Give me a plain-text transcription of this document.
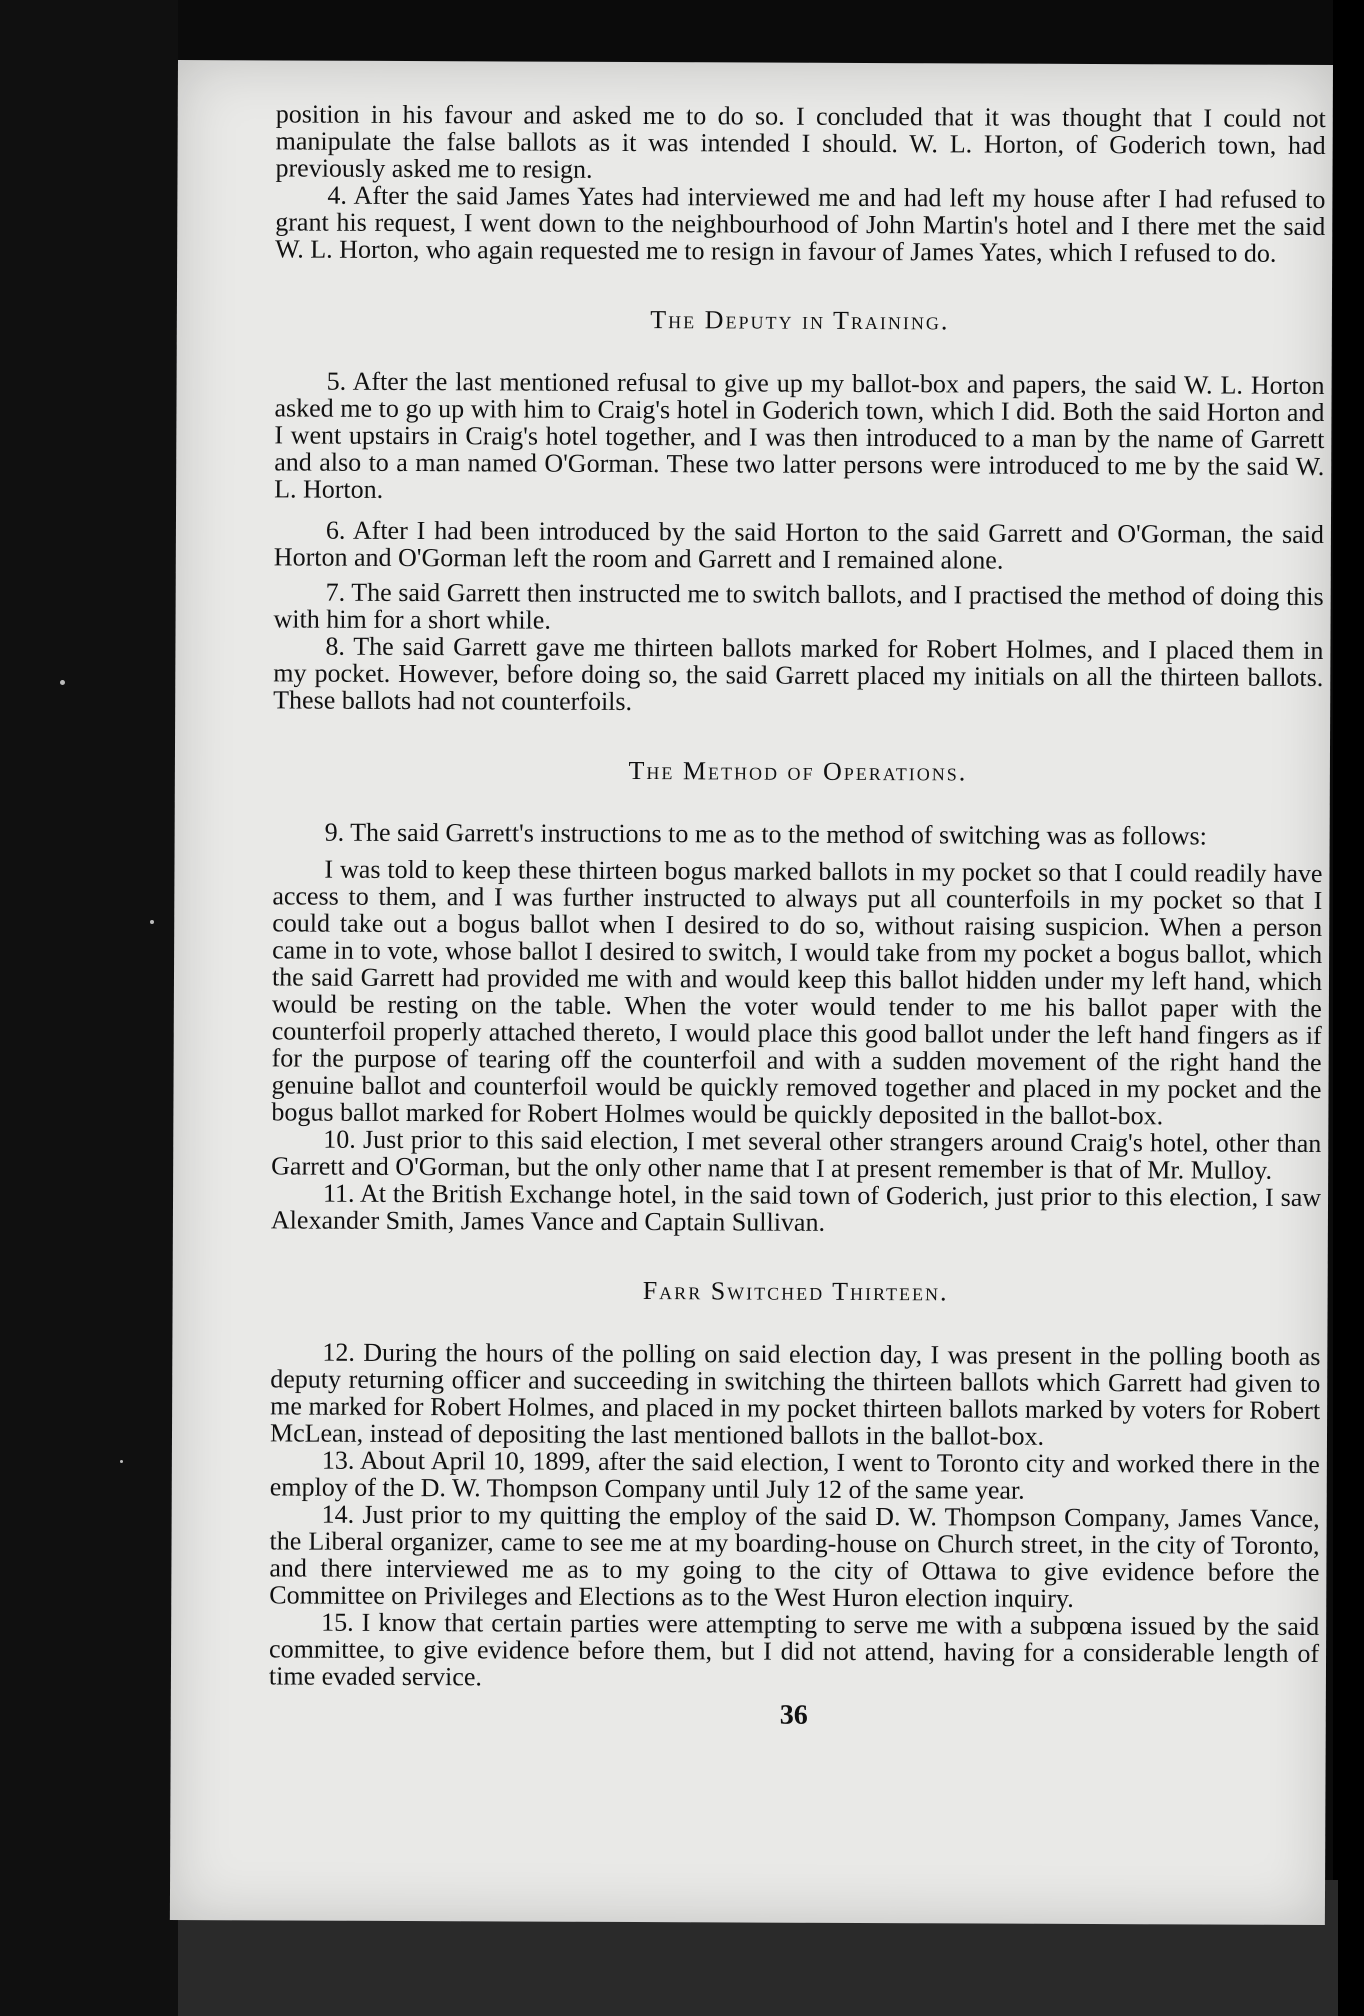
position in his favour and asked me to do so. I concluded that it was thought that I could not manipulate the false ballots as it was intended I should. W. L. Horton, of Goderich town, had previously asked me to resign.

4. After the said James Yates had interviewed me and had left my house after I had refused to grant his request, I went down to the neighbourhood of John Martin's hotel and I there met the said W. L. Horton, who again requested me to resign in favour of James Yates, which I refused to do.

The Deputy in Training.

5. After the last mentioned refusal to give up my ballot-box and papers, the said W. L. Horton asked me to go up with him to Craig's hotel in Goderich town, which I did. Both the said Horton and I went upstairs in Craig's hotel together, and I was then introduced to a man by the name of Garrett and also to a man named O'Gorman. These two latter persons were introduced to me by the said W. L. Horton.

6. After I had been introduced by the said Horton to the said Garrett and O'Gorman, the said Horton and O'Gorman left the room and Garrett and I remained alone.

7. The said Garrett then instructed me to switch ballots, and I practised the method of doing this with him for a short while.

8. The said Garrett gave me thirteen ballots marked for Robert Holmes, and I placed them in my pocket. However, before doing so, the said Garrett placed my initials on all the thirteen ballots. These ballots had not counterfoils.

The Method of Operations.

9. The said Garrett's instructions to me as to the method of switching was as follows:

I was told to keep these thirteen bogus marked ballots in my pocket so that I could readily have access to them, and I was further instructed to always put all counterfoils in my pocket so that I could take out a bogus ballot when I desired to do so, without raising suspicion. When a person came in to vote, whose ballot I desired to switch, I would take from my pocket a bogus ballot, which the said Garrett had provided me with and would keep this ballot hidden under my left hand, which would be resting on the table. When the voter would tender to me his ballot paper with the counterfoil properly attached thereto, I would place this good ballot under the left hand fingers as if for the purpose of tearing off the counterfoil and with a sudden movement of the right hand the genuine ballot and counterfoil would be quickly removed together and placed in my pocket and the bogus ballot marked for Robert Holmes would be quickly deposited in the ballot-box.

10. Just prior to this said election, I met several other strangers around Craig's hotel, other than Garrett and O'Gorman, but the only other name that I at present remember is that of Mr. Mulloy.

11. At the British Exchange hotel, in the said town of Goderich, just prior to this election, I saw Alexander Smith, James Vance and Captain Sullivan.

Farr Switched Thirteen.

12. During the hours of the polling on said election day, I was present in the polling booth as deputy returning officer and succeeding in switching the thirteen ballots which Garrett had given to me marked for Robert Holmes, and placed in my pocket thirteen ballots marked by voters for Robert McLean, instead of depositing the last mentioned ballots in the ballot-box.

13. About April 10, 1899, after the said election, I went to Toronto city and worked there in the employ of the D. W. Thompson Company until July 12 of the same year.

14. Just prior to my quitting the employ of the said D. W. Thompson Company, James Vance, the Liberal organizer, came to see me at my boarding-house on Church street, in the city of Toronto, and there interviewed me as to my going to the city of Ottawa to give evidence before the Committee on Privileges and Elections as to the West Huron election inquiry.

15. I know that certain parties were attempting to serve me with a subpœna issued by the said committee, to give evidence before them, but I did not attend, having for a considerable length of time evaded service.

36
